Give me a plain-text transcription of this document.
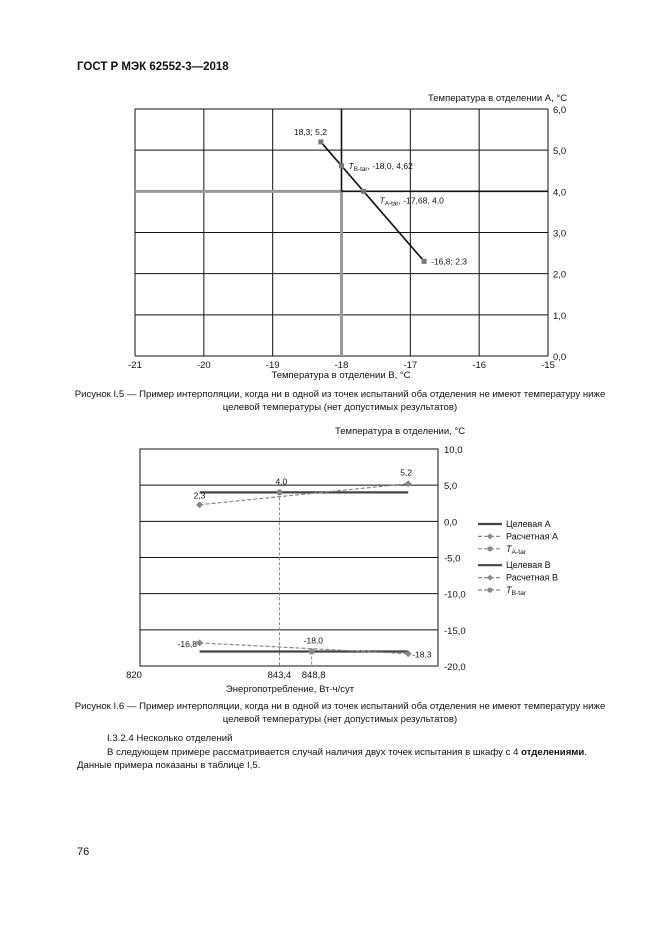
ГОСТ Р МЭК 62552-3—2018

-21	-20	-19	-18	-17	-16	-15
6,0
5,0
4,0
3,0
2,0
1,0
0,0
Температура в отделении A, °C
Температура в отделении B, °C
18,3; 5,2
$T_{B-tar}$, -18,0, 4,62
$T_{A-tar}$, -17,68, 4,0
-16,8; 2,3

Рисунок I.5 — Пример интерполяции, когда ни в одной из точек испытаний оба отделения не имеют температуру ниже целевой температуры (нет допустимых результатов)

10,0
5,0
0,0
-5,0
-10,0
-15,0
-20,0
Температура в отделении, °C
820	843,4 848,8
Энергопотребление, Вт·ч/сут
2,3
4,0
5,2
-16,8	-18,0
-18,3
Целевая A
Расчетная A
$T_{A-tar}$
Целевая B
Расчетная B
$T_{B-tar}$

Рисунок I.6 — Пример интерполяции, когда ни в одной из точек испытаний оба отделения не имеют температуру ниже целевой температуры (нет допустимых результатов)

I.3.2.4 Несколько отделений

В следующем примере рассматривается случай наличия двух точек испытания в шкафу с 4 отделениями. Данные примера показаны в таблице I,5.

76
